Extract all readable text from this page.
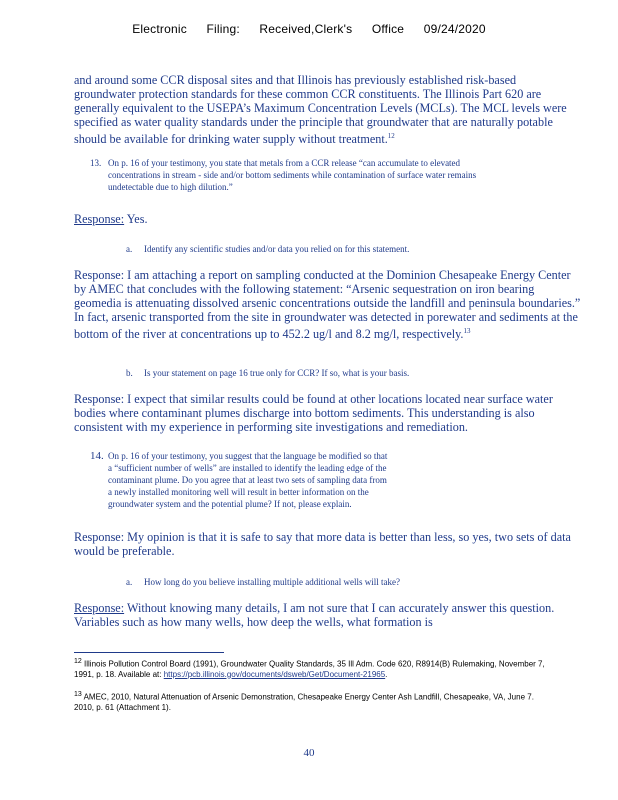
Electronic Filing: Received,Clerk's Office 09/24/2020
and around some CCR disposal sites and that Illinois has previously established risk-based groundwater protection standards for these common CCR constituents. The Illinois Part 620 are generally equivalent to the USEPA’s Maximum Concentration Levels (MCLs). The MCL levels were specified as water quality standards under the principle that groundwater that are naturally potable should be available for drinking water supply without treatment.$^{12}$
13. On p. 16 of your testimony, you state that metals from a CCR release “can accumulate to elevated concentrations in stream - side and/or bottom sediments while contamination of surface water remains undetectable due to high dilution.”
Response: Yes.
a.	Identify any scientific studies and/or data you relied on for this statement.
Response: I am attaching a report on sampling conducted at the Dominion Chesapeake Energy Center by AMEC that concludes with the following statement: “Arsenic sequestration on iron bearing geomedia is attenuating dissolved arsenic concentrations outside the landfill and peninsula boundaries.” In fact, arsenic transported from the site in groundwater was detected in porewater and sediments at the bottom of the river at concentrations up to 452.2 ug/l and 8.2 mg/l, respectively.$^{13}$
b.	Is your statement on page 16 true only for CCR? If so, what is your basis.
Response: I expect that similar results could be found at other locations located near surface water bodies where contaminant plumes discharge into bottom sediments. This understanding is also consistent with my experience in performing site investigations and remediation.
14. On p. 16 of your testimony, you suggest that the language be modified so that a “sufficient number of wells” are installed to identify the leading edge of the contaminant plume. Do you agree that at least two sets of sampling data from a newly installed monitoring well will result in better information on the groundwater system and the potential plume? If not, please explain.
Response: My opinion is that it is safe to say that more data is better than less, so yes, two sets of data would be preferable.
a.	How long do you believe installing multiple additional wells will take?
Response: Without knowing many details, I am not sure that I can accurately answer this question. Variables such as how many wells, how deep the wells, what formation is
$^{12}$ Illinois Pollution Control Board (1991), Groundwater Quality Standards, 35 Ill Adm. Code 620, R8914(B) Rulemaking, November 7, 1991, p. 18. Available at: https://pcb.illinois.gov/documents/dsweb/Get/Document-21965.
$^{13}$ AMEC, 2010, Natural Attenuation of Arsenic Demonstration, Chesapeake Energy Center Ash Landfill, Chesapeake, VA, June 7. 2010, p. 61 (Attachment 1).
40
